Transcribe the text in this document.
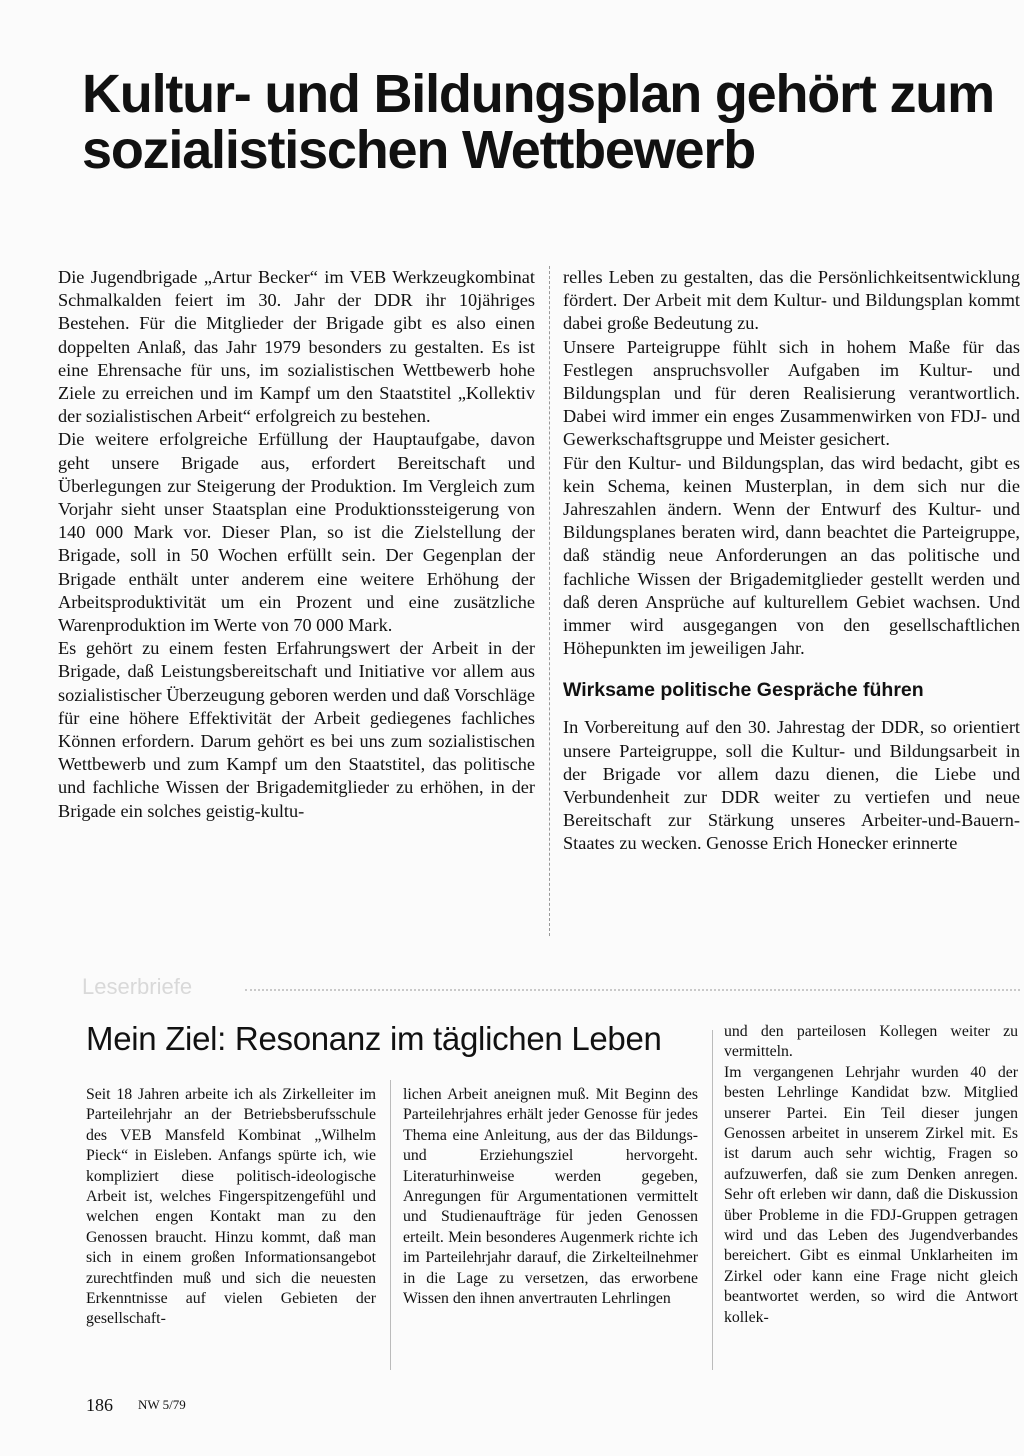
Kultur- und Bildungsplan gehört zum sozialistischen Wettbewerb

Die Jugendbrigade „Artur Becker“ im VEB Werkzeugkombinat Schmalkalden feiert im 30. Jahr der DDR ihr 10jähriges Bestehen. Für die Mitglieder der Brigade gibt es also einen doppelten Anlaß, das Jahr 1979 besonders zu gestalten. Es ist eine Ehrensache für uns, im sozialistischen Wettbewerb hohe Ziele zu erreichen und im Kampf um den Staatstitel „Kollektiv der sozialistischen Arbeit“ erfolgreich zu bestehen.

Die weitere erfolgreiche Erfüllung der Hauptaufgabe, davon geht unsere Brigade aus, erfordert Bereitschaft und Überlegungen zur Steigerung der Produktion. Im Vergleich zum Vorjahr sieht unser Staatsplan eine Produktionssteigerung von 140 000 Mark vor. Dieser Plan, so ist die Zielstellung der Brigade, soll in 50 Wochen erfüllt sein. Der Gegenplan der Brigade enthält unter anderem eine weitere Erhöhung der Arbeitsproduktivität um ein Prozent und eine zusätzliche Warenproduktion im Werte von 70 000 Mark.

Es gehört zu einem festen Erfahrungswert der Arbeit in der Brigade, daß Leistungsbereitschaft und Initiative vor allem aus sozialistischer Überzeugung geboren werden und daß Vorschläge für eine höhere Effektivität der Arbeit gediegenes fachliches Können erfordern. Darum gehört es bei uns zum sozialistischen Wettbewerb und zum Kampf um den Staatstitel, das politische und fachliche Wissen der Brigademitglieder zu erhöhen, in der Brigade ein solches geistig-kultu-

relles Leben zu gestalten, das die Persönlichkeitsentwicklung fördert. Der Arbeit mit dem Kultur- und Bildungsplan kommt dabei große Bedeutung zu.

Unsere Parteigruppe fühlt sich in hohem Maße für das Festlegen anspruchsvoller Aufgaben im Kultur- und Bildungsplan und für deren Realisierung verantwortlich. Dabei wird immer ein enges Zusammenwirken von FDJ- und Gewerkschaftsgruppe und Meister gesichert.

Für den Kultur- und Bildungsplan, das wird bedacht, gibt es kein Schema, keinen Musterplan, in dem sich nur die Jahreszahlen ändern. Wenn der Entwurf des Kultur- und Bildungsplanes beraten wird, dann beachtet die Parteigruppe, daß ständig neue Anforderungen an das politische und fachliche Wissen der Brigademitglieder gestellt werden und daß deren Ansprüche auf kulturellem Gebiet wachsen. Und immer wird ausgegangen von den gesellschaftlichen Höhepunkten im jeweiligen Jahr.

Wirksame politische Gespräche führen

In Vorbereitung auf den 30. Jahrestag der DDR, so orientiert unsere Parteigruppe, soll die Kultur- und Bildungsarbeit in der Brigade vor allem dazu dienen, die Liebe und Verbundenheit zur DDR weiter zu vertiefen und neue Bereitschaft zur Stärkung unseres Arbeiter-und-Bauern-Staates zu wecken. Genosse Erich Honecker erinnerte

Leserbriefe
Mein Ziel: Resonanz im täglichen Leben

Seit 18 Jahren arbeite ich als Zirkelleiter im Parteilehrjahr an der Betriebsberufsschule des VEB Mansfeld Kombinat „Wilhelm Pieck“ in Eisleben. Anfangs spürte ich, wie kompliziert diese politisch-ideologische Arbeit ist, welches Fingerspitzengefühl und welchen engen Kontakt man zu den Genossen braucht. Hinzu kommt, daß man sich in einem großen Informationsangebot zurechtfinden muß und sich die neuesten Erkenntnisse auf vielen Gebieten der gesellschaft-

lichen Arbeit aneignen muß. Mit Beginn des Parteilehrjahres erhält jeder Genosse für jedes Thema eine Anleitung, aus der das Bildungs- und Erziehungsziel hervorgeht. Literaturhinweise werden gegeben, Anregungen für Argumentationen vermittelt und Studienaufträge für jeden Genossen erteilt. Mein besonderes Augenmerk richte ich im Parteilehrjahr darauf, die Zirkelteilnehmer in die Lage zu versetzen, das erworbene Wissen den ihnen anvertrauten Lehrlingen

und den parteilosen Kollegen weiter zu vermitteln.

Im vergangenen Lehrjahr wurden 40 der besten Lehrlinge Kandidat bzw. Mitglied unserer Partei. Ein Teil dieser jungen Genossen arbeitet in unserem Zirkel mit. Es ist darum auch sehr wichtig, Fragen so aufzuwerfen, daß sie zum Denken anregen. Sehr oft erleben wir dann, daß die Diskussion über Probleme in die FDJ-Gruppen getragen wird und das Leben des Jugendverbandes bereichert. Gibt es einmal Unklarheiten im Zirkel oder kann eine Frage nicht gleich beantwortet werden, so wird die Antwort kollek-

186 NW 5/79
